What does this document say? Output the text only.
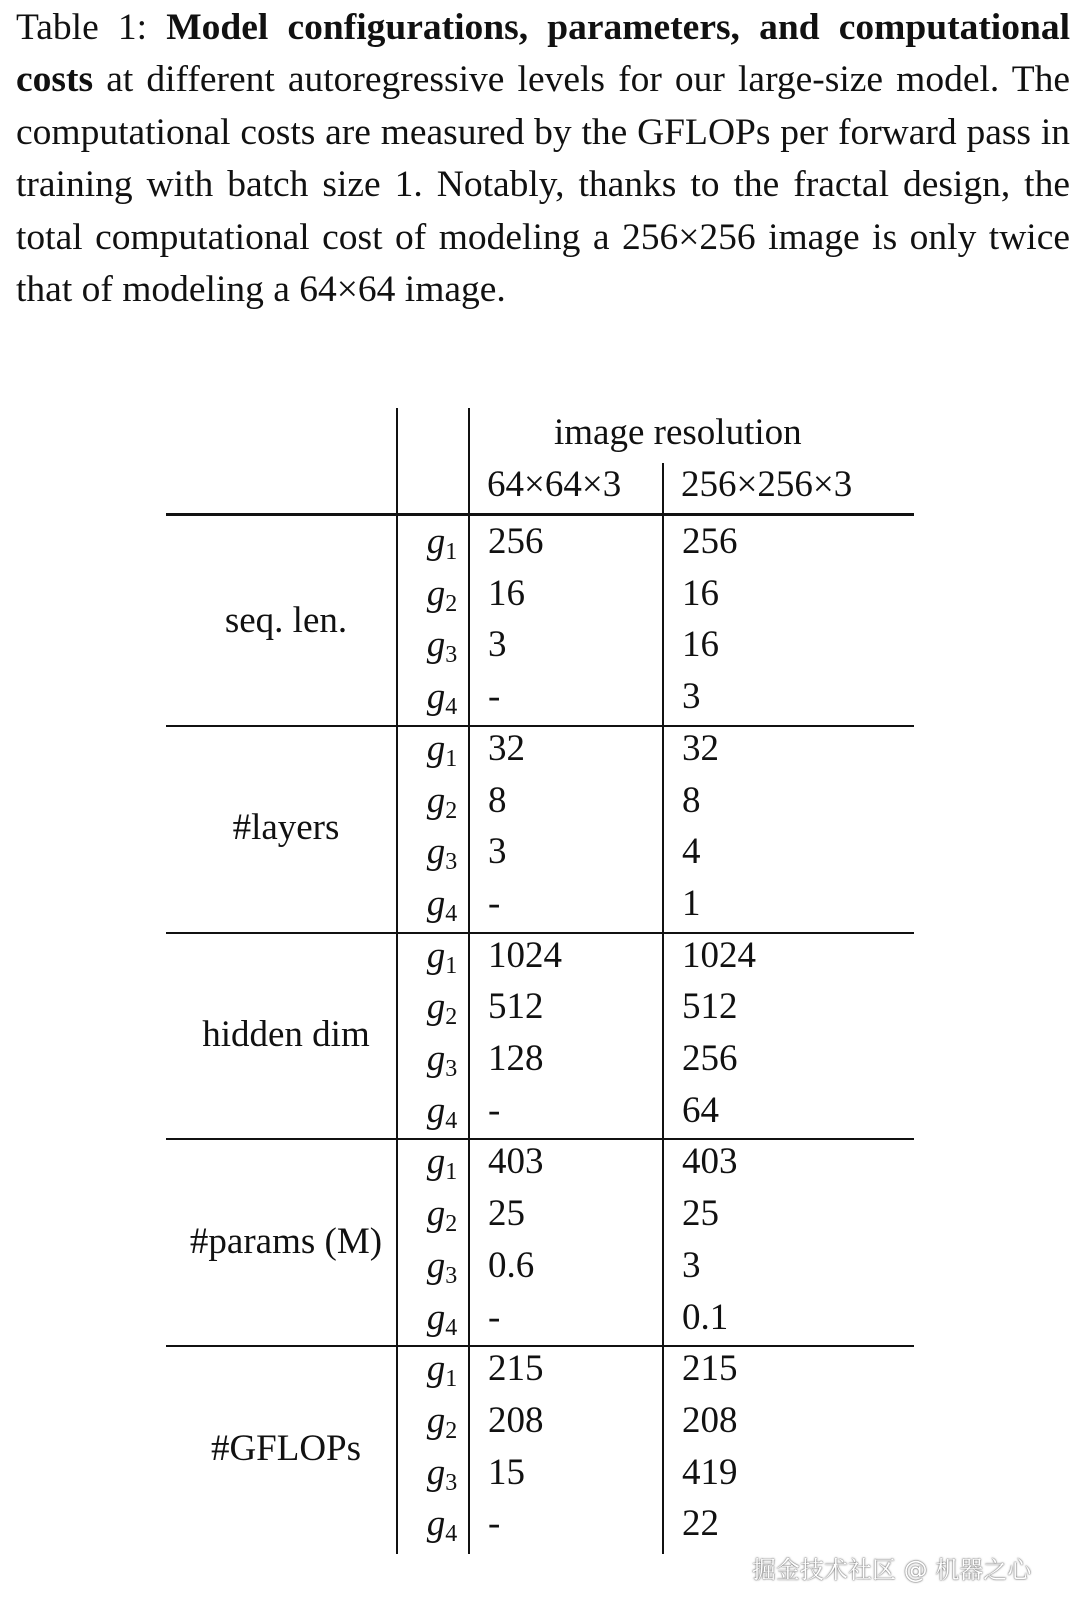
Table 1: Model configurations, parameters, and computational costs at different autoregressive levels for our large-size model. The computational costs are measured by the GFLOPs per forward pass in training with batch size 1. Notably, thanks to the fractal design, the total computational cost of modeling a 256×256 image is only twice that of modeling a 64×64 image.

image resolution
64×64×3 256×256×3
seq. len.
$g_1$ 256	256
$g_2$ 16	16
$g_3$ 3	16
$g_4$ -	3
#layers
$g_1$ 32	32
$g_2$ 8	8
$g_3$ 3	4
$g_4$ -	1
hidden dim
$g_1$ 1024	1024
$g_2$ 512	512
$g_3$ 128	256
$g_4$ -	64
#params (M)
$g_1$ 403	403
$g_2$ 25	25
$g_3$ 0.6	3
$g_4$ -	0.1
#GFLOPs
$g_1$ 215	215
$g_2$ 208	208
$g_3$ 15	419
$g_4$ -	22
掘金技术社区 @ 机器之心
